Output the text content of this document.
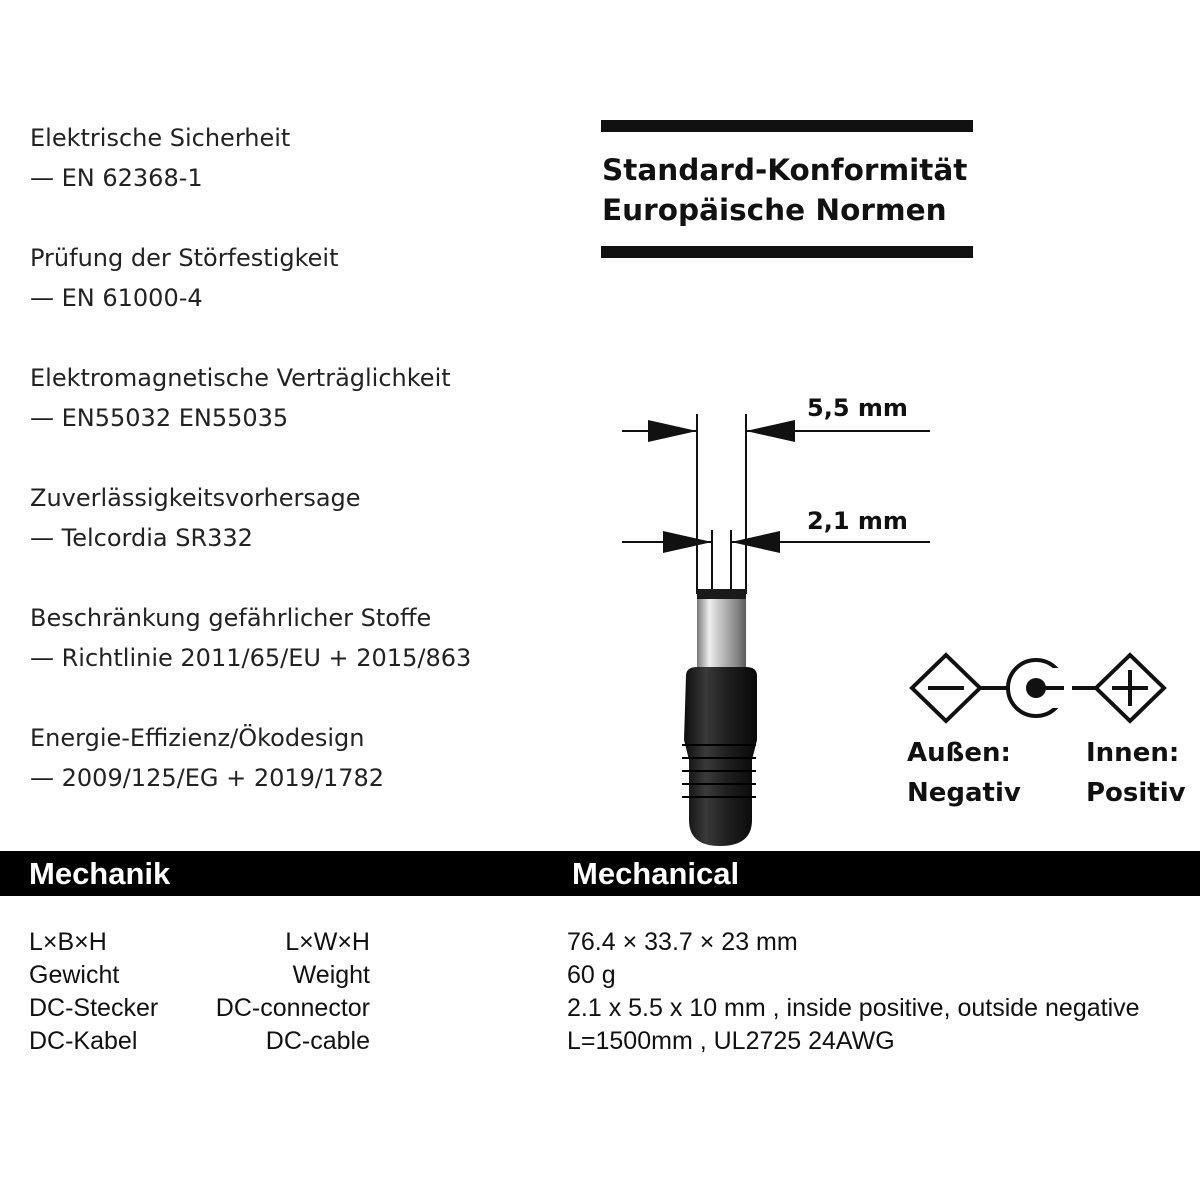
Elektrische Sicherheit
— EN 62368-1
Prüfung der Störfestigkeit
— EN 61000-4
Elektromagnetische Verträglichkeit
— EN55032 EN55035
Zuverlässigkeitsvorhersage
— Telcordia SR332
Beschränkung gefährlicher Stoffe
— Richtlinie 2011/65/EU + 2015/863
Energie-Effizienz/Ökodesign
— 2009/125/EG + 2019/1782
Standard-Konformität
Europäische Normen
5,5 mm
2,1 mm
Außen:
Negativ
Innen:
Positiv
Mechanik	Mechanical
L×B×H	L×W×H	76.4 × 33.7 × 23 mm
Gewicht	Weight	60 g
DC-Stecker DC-connector	2.1 x 5.5 x 10 mm , inside positive, outside negative
DC-Kabel	DC-cable	L=1500mm , UL2725 24AWG
